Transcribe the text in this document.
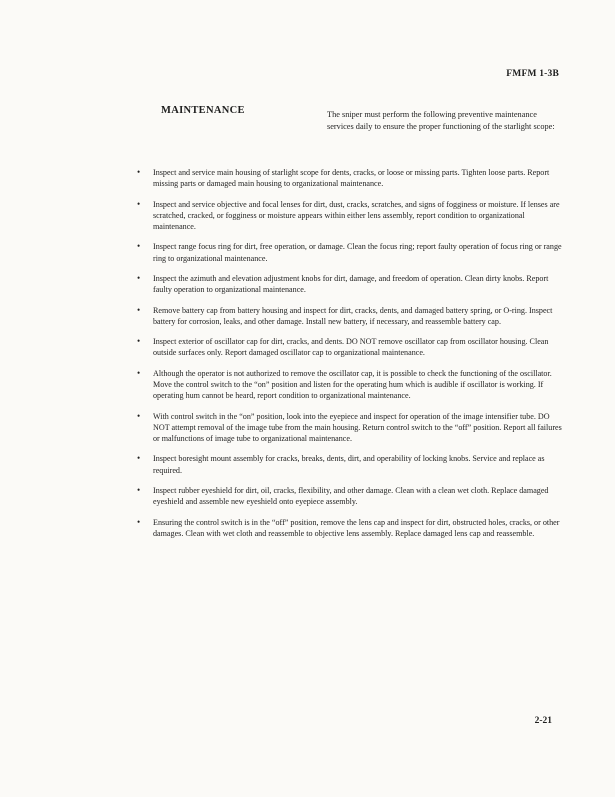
FMFM 1-3B
MAINTENANCE	The sniper must perform the following preventive maintenance services daily to ensure the proper functioning of the starlight scope:
• Inspect and service main housing of starlight scope for dents, cracks, or loose or missing parts. Tighten loose parts. Report missing parts or damaged main housing to organizational maintenance.
• Inspect and service objective and focal lenses for dirt, dust, cracks, scratches, and signs of fogginess or moisture. If lenses are scratched, cracked, or fogginess or moisture appears within either lens assembly, report condition to organizational maintenance.
• Inspect range focus ring for dirt, free operation, or damage. Clean the focus ring; report faulty operation of focus ring or range ring to organizational maintenance.
• Inspect the azimuth and elevation adjustment knobs for dirt, damage, and freedom of operation. Clean dirty knobs. Report faulty operation to organizational maintenance.
• Remove battery cap from battery housing and inspect for dirt, cracks, dents, and damaged battery spring, or O-ring. Inspect battery for corrosion, leaks, and other damage. Install new battery, if necessary, and reassemble battery cap.
• Inspect exterior of oscillator cap for dirt, cracks, and dents. DO NOT remove oscillator cap from oscillator housing. Clean outside surfaces only. Report damaged oscillator cap to organizational maintenance.
• Although the operator is not authorized to remove the oscillator cap, it is possible to check the functioning of the oscillator. Move the control switch to the “on” position and listen for the operating hum which is audible if oscillator is working. If operating hum cannot be heard, report condition to organizational maintenance.
• With control switch in the “on” position, look into the eyepiece and inspect for operation of the image intensifier tube. DO NOT attempt removal of the image tube from the main housing. Return control switch to the “off” position. Report all failures or malfunctions of image tube to organizational maintenance.
• Inspect boresight mount assembly for cracks, breaks, dents, dirt, and operability of locking knobs. Service and replace as required.
• Inspect rubber eyeshield for dirt, oil, cracks, flexibility, and other damage. Clean with a clean wet cloth. Replace damaged eyeshield and assemble new eyeshield onto eyepiece assembly.
• Ensuring the control switch is in the “off” position, remove the lens cap and inspect for dirt, obstructed holes, cracks, or other damages. Clean with wet cloth and reassemble to objective lens assembly. Replace damaged lens cap and reassemble.
2-21
